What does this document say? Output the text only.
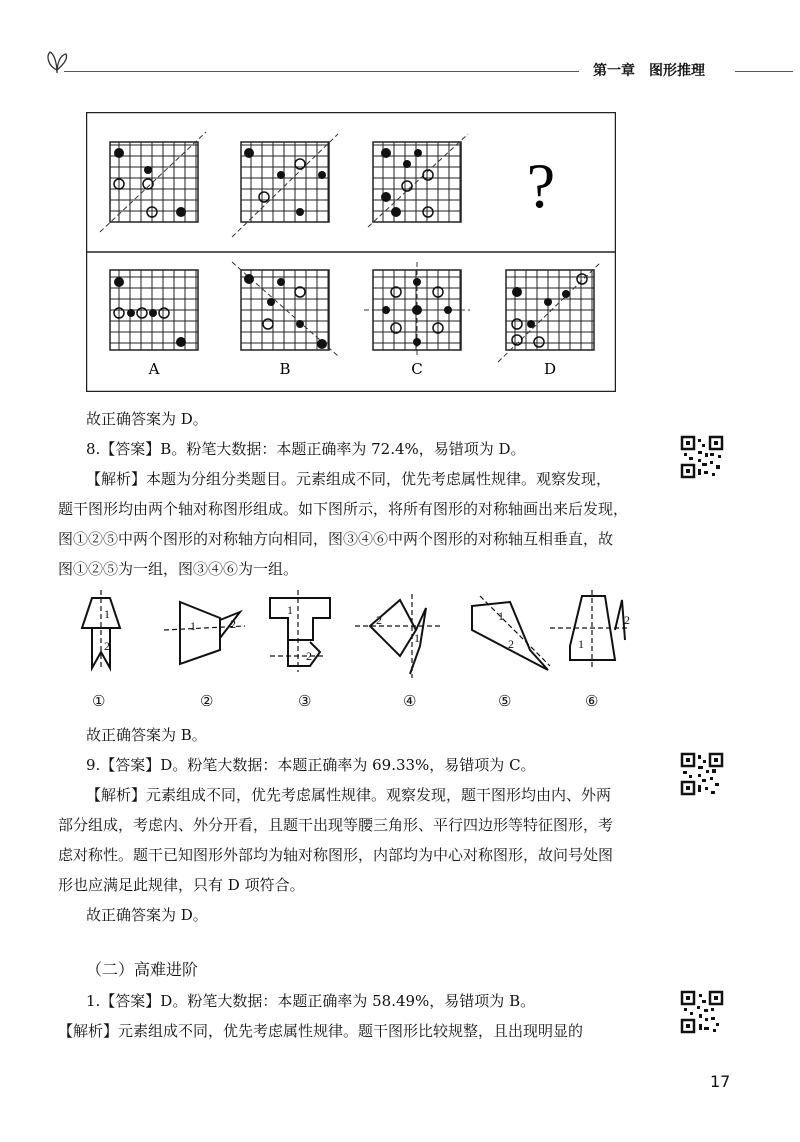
第一章　图形推理
?
A	B	C	D
故正确答案为 D。
8.【答案】B。粉笔大数据：本题正确率为 72.4%，易错项为 D。
【解析】本题为分组分类题目。元素组成不同，优先考虑属性规律。观察发现，
题干图形均由两个轴对称图形组成。如下图所示，将所有图形的对称轴画出来后发现，
图①②⑤中两个图形的对称轴方向相同，图③④⑥中两个图形的对称轴互相垂直，故
图①②⑤为一组，图③④⑥为一组。
1
2
1	2
1
2
2
1
1
2	1
2
①	②	③	④	⑤	⑥
故正确答案为 B。
9.【答案】D。粉笔大数据：本题正确率为 69.33%，易错项为 C。
【解析】元素组成不同，优先考虑属性规律。观察发现，题干图形均由内、外两
部分组成，考虑内、外分开看，且题干出现等腰三角形、平行四边形等特征图形，考
虑对称性。题干已知图形外部均为轴对称图形，内部均为中心对称图形，故问号处图
形也应满足此规律，只有 D 项符合。
故正确答案为 D。
（二）高难进阶
1.【答案】D。粉笔大数据：本题正确率为 58.49%，易错项为 B。
【解析】元素组成不同，优先考虑属性规律。题干图形比较规整，且出现明显的
17
